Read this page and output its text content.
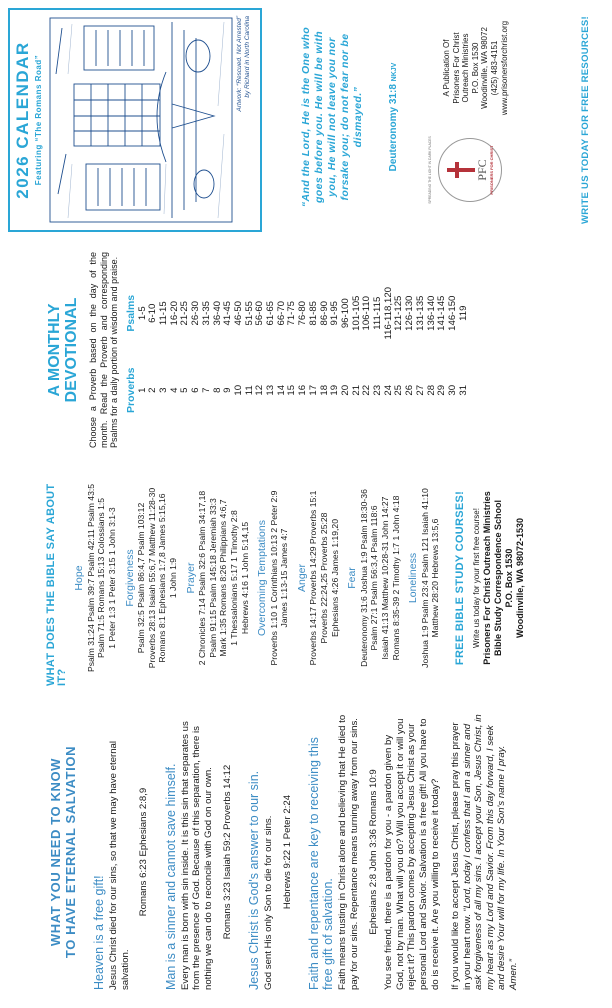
WHAT YOU NEED TO KNOW TO HAVE ETERNAL SALVATION Heaven is a free gift! Jesus Christ died for our sins, so that we may have eternal salvation.

Romans 6:23 Ephesians 2:8,9 Man is a sinner and cannot save himself. Every man is born with sin inside. It is this sin that separates us from the presence of God. Because of this separation, there is nothing we can do to reconcile with God on our own. Romans 3:23 Isaiah 59:2 Proverbs 14:12 Jesus Christ is God's answer to our sin. God sent His only Son to die for our sins. Hebrews 9:22 1 Peter 2:24 Faith and repentance are key to receiving this free gift of salvation. Faith means trusting in Christ alone and believing that He died to pay for our sins. Repentance means turning away from our sins. Ephesians 2:8 John 3:36 Romans 10:9 You see friend, there is a pardon for you - a pardon given by God, not by man. What will you do? Will you accept it or will you reject it? This pardon comes by accepting Jesus Christ as your personal Lord and Savior. Salvation is a free gift! All you have to do is receive it. Are you willing to receive it today? If you would like to accept Jesus Christ, please pray this prayer in your heart now. “Lord, today I confess that I am a sinner and ask forgiveness of all my sins. I accept your Son, Jesus Christ, in my heart as my Lord and Savior. From this day forward, I seek and desire Your will for my life. In Your Son's name I pray. Amen.”

WHAT DOES THE BIBLE SAY ABOUT IT?
Hope Psalm 31:24 Psalm 39:7 Psalm 42:11 Psalm 43:5 Psalm 71:5 Romans 15:13 Colossians 1:5 1 Peter 1:3 1 Peter 3:15 1 John 3:1-3 Forgiveness Psalm 32:5 Psalm 86:4,7 Psalm 103:12 Proverbs 28:13 Isaiah 55:6,7 Matthew 11:28-30 Romans 8:1 Ephesians 1:7,8 James 5:15,16 1 John 1:9 Prayer 2 Chronicles 7:14 Psalm 32:6 Psalm 34:17,18 Psalm 91:15 Psalm 145:18 Jeremiah 33:3 Mark 1:35 Romans 8:26 Philippians 4:6,7 1 Thessalonians 5:17 1 Timothy 2:8 Hebrews 4:16 1 John 5:14,15 Overcoming Temptations Proverbs 1:10 1 Corinthians 10:13 2 Peter 2:9 James 1:13-15 James 4:7 Anger Proverbs 14:17 Proverbs 14:29 Proverbs 15:1 Proverbs 22:24,25 Proverbs 25:28 Ephesians 4:26 James 1:19,20 Fear Deuteronomy 31:6 Joshua 1:9 Psalm 18:30-36 Psalm 27:1 Psalm 56:3,4 Psalm 118:6 Isaiah 41:13 Matthew 10:28-31 John 14:27 Romans 8:35-39 2 Timothy 1:7 1 John 4:18 Loneliness Joshua 1:9 Psalm 23:4 Psalm 121 Isaiah 41:10 Matthew 28:20 Hebrews 13:5,6 FREE BIBLE STUDY COURSES! Write us today for your first free course! Prisoners For Christ Outreach Ministries Bible Study Correspondence School P.O. Box 1530 Woodinville, WA 98072-1530
A MONTHLY DEVOTIONAL Choose a Proverb based on the day of the month. Read the Proverb and corresponding Psalms for a daily portion of wisdom and praise. Proverbs	Psalms
1	1-5
2	6-10
3	11-15
4	16-20
5	21-25
6	26-30
7	31-35
8	36-40
9	41-45
10	46-50
11	51-55
12	56-60
13	61-65
14	66-70
15	71-75
16	76-80
17	81-85
18	86-90
19	91-95
20	96-100
21	101-105
22	106-110
23	111-115
24	116-118,120
25	121-125
26	126-130
27	131-135
28	136-140
29	141-145
30	146-150
31	119
2026 CALENDAR Featuring “The Romans Road”	Artwork: “Rescued. Not Arrested” by Richard in North Carolina	“And the Lord, He is the One who goes before you. He will be with you, He will not leave you nor forsake you; do not fear nor be dismayed.” Deuteronomy 31:8 NKJV
PFC PRISONERS FOR CHRIST
SPREADING THE LIGHT IN DARK PLACES
A Publication Of Prisoners For Christ Outreach Ministries P.O. Box 1530 Woodinville, WA 98072 (425) 483-4151 www.prisonersforchrist.org	WRITE US TODAY FOR FREE RESOURCES!
